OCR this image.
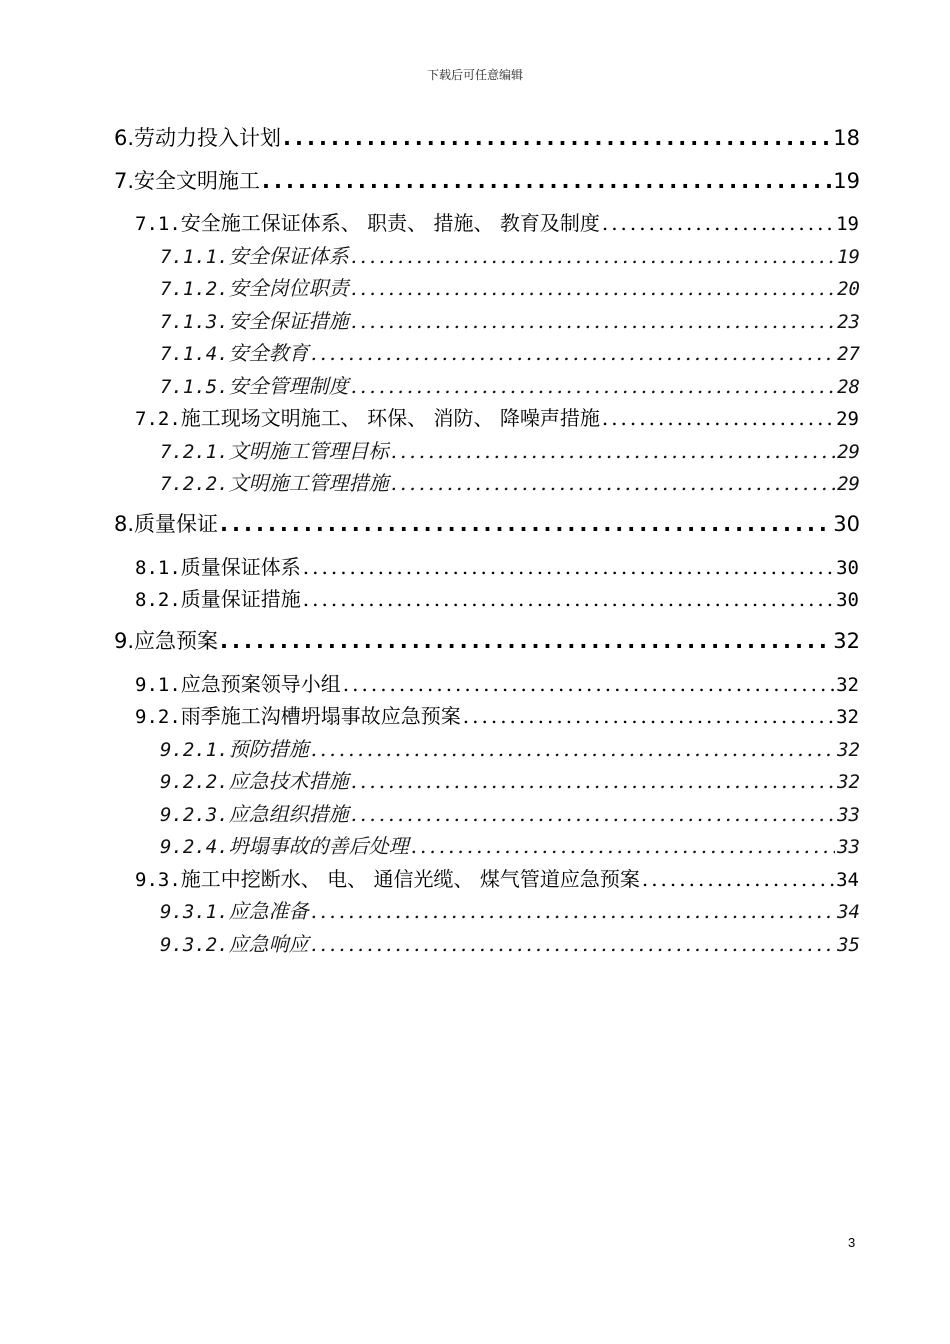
下载后可任意编辑
6. 劳动力投入计划 .....	18
7. 安全文明施工 .....	19
7.1. 安全施工保证体系、 职责、 措施、 教育及制度 .....	19
7.1.1. 安全保证体系 .....	19
7.1.2. 安全岗位职责 .....	20
7.1.3. 安全保证措施 .....	23
7.1.4. 安全教育 .....	27
7.1.5. 安全管理制度 .....	28
7.2. 施工现场文明施工、 环保、 消防、 降噪声措施 .....	29
7.2.1. 文明施工管理目标 .....	29
7.2.2. 文明施工管理措施 .....	29
8. 质量保证 .....	30
8.1. 质量保证体系 .....	30
8.2. 质量保证措施 .....	30
9. 应急预案 .....	32
9.1. 应急预案领导小组 .....	32
9.2. 雨季施工沟槽坍塌事故应急预案 .....	32
9.2.1. 预防措施 .....	32
9.2.2. 应急技术措施 .....	32
9.2.3. 应急组织措施 .....	33
9.2.4. 坍塌事故的善后处理 .....	33
9.3. 施工中挖断水、 电、 通信光缆、 煤气管道应急预案 .....	34
9.3.1. 应急准备 .....	34
9.3.2. 应急响应 .....	35
3
